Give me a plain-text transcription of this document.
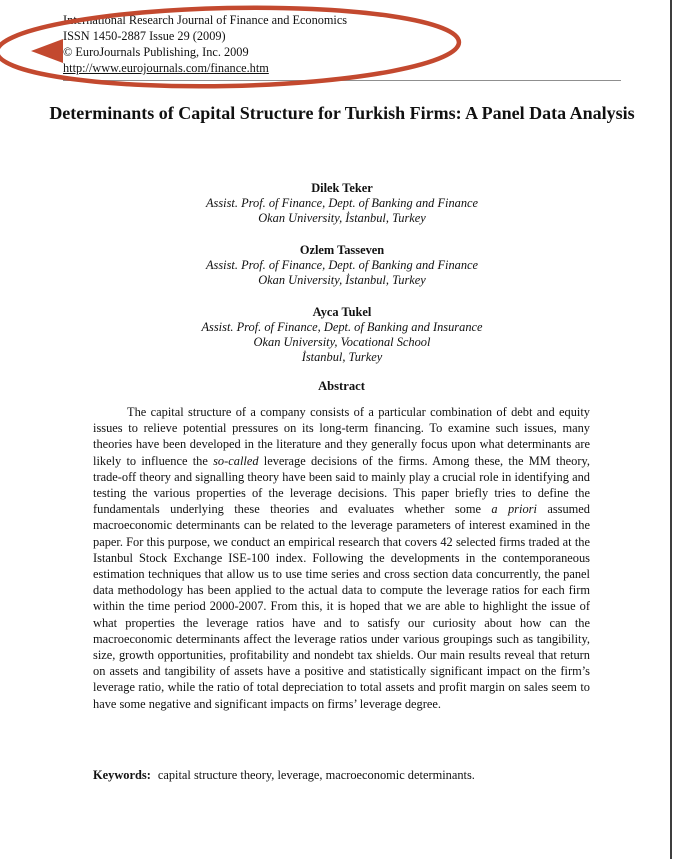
International Research Journal of Finance and Economics
ISSN 1450-2887 Issue 29 (2009)
© EuroJournals Publishing, Inc. 2009
http://www.eurojournals.com/finance.htm
Determinants of Capital Structure for Turkish Firms: A Panel Data Analysis
Dilek Teker
Assist. Prof. of Finance, Dept. of Banking and Finance
Okan University, İstanbul, Turkey
Ozlem Tasseven
Assist. Prof. of Finance, Dept. of Banking and Finance
Okan University, İstanbul, Turkey
Ayca Tukel
Assist. Prof. of Finance, Dept. of Banking and Insurance
Okan University, Vocational School
İstanbul, Turkey
Abstract
The capital structure of a company consists of a particular combination of debt and equity issues to relieve potential pressures on its long-term financing. To examine such issues, many theories have been developed in the literature and they generally focus upon what determinants are likely to influence the so-called leverage decisions of the firms. Among these, the MM theory, trade-off theory and signalling theory have been said to mainly play a crucial role in identifying and testing the various properties of the leverage decisions. This paper briefly tries to define the fundamentals underlying these theories and evaluates whether some a priori assumed macroeconomic determinants can be related to the leverage parameters of interest examined in the paper. For this purpose, we conduct an empirical research that covers 42 selected firms traded at the Istanbul Stock Exchange ISE-100 index. Following the developments in the contemporaneous estimation techniques that allow us to use time series and cross section data concurrently, the panel data methodology has been applied to the actual data to compute the leverage ratios for each firm within the time period 2000-2007. From this, it is hoped that we are able to highlight the issue of what properties the leverage ratios have and to satisfy our curiosity about how can the macroeconomic determinants affect the leverage ratios under various groupings such as tangibility, size, growth opportunities, profitability and nondebt tax shields. Our main results reveal that return on assets and tangibility of assets have a positive and statistically significant impact on the firm’s leverage ratio, while the ratio of total depreciation to total assets and profit margin on sales seem to have some negative and significant impacts on firms’ leverage degree.
Keywords: capital structure theory, leverage, macroeconomic determinants.
